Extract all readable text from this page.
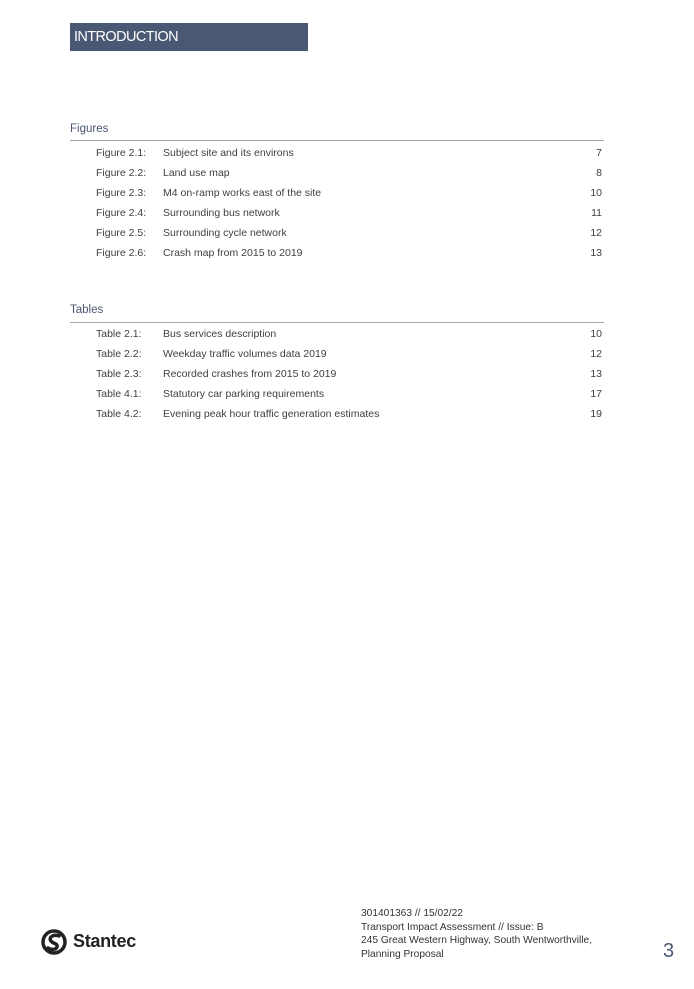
INTRODUCTION
Figures
Figure 2.1: Subject site and its environs	7
Figure 2.2: Land use map	8
Figure 2.3: M4 on-ramp works east of the site	10
Figure 2.4: Surrounding bus network	11
Figure 2.5: Surrounding cycle network	12
Figure 2.6: Crash map from 2015 to 2019	13
Tables
Table 2.1: Bus services description	10
Table 2.2: Weekday traffic volumes data 2019	12
Table 2.3: Recorded crashes from 2015 to 2019	13
Table 4.1: Statutory car parking requirements	17
Table 4.2: Evening peak hour traffic generation estimates	19
Stantec
301401363 // 15/02/22
Transport Impact Assessment // Issue: B
245 Great Western Highway, South Wentworthville,
Planning Proposal	3
